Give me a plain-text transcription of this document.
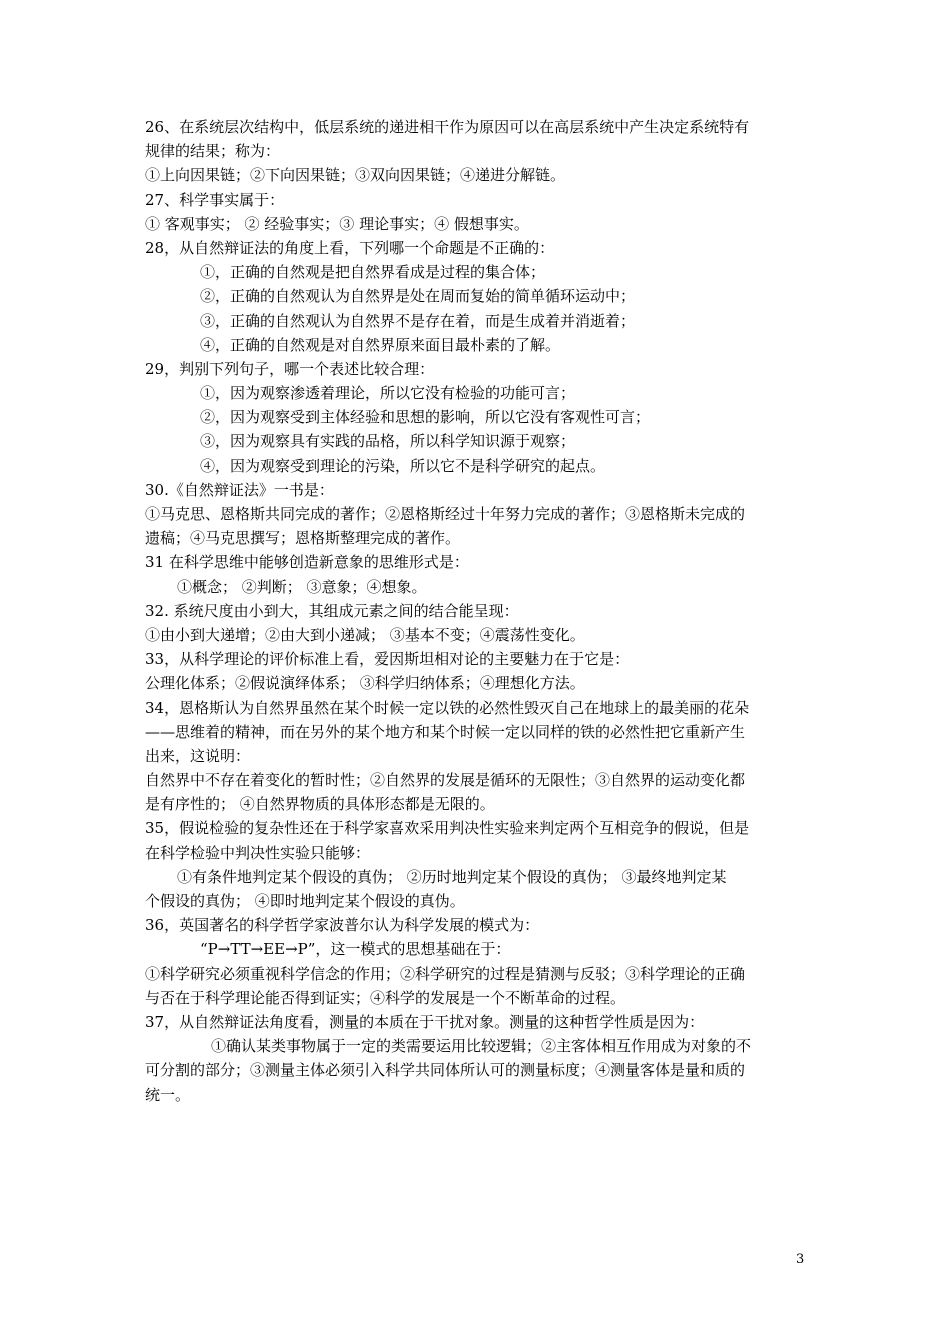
26、在系统层次结构中，低层系统的递进相干作为原因可以在高层系统中产生决定系统特有
规律的结果；称为：
①上向因果链；②下向因果链；③双向因果链；④递进分解链。
27、科学事实属于：
① 客观事实； ② 经验事实；③ 理论事实；④ 假想事实。
28，从自然辩证法的角度上看，下列哪一个命题是不正确的：
①，正确的自然观是把自然界看成是过程的集合体；
②，正确的自然观认为自然界是处在周而复始的简单循环运动中；
③，正确的自然观认为自然界不是存在着，而是生成着并消逝着；
④，正确的自然观是对自然界原来面目最朴素的了解。
29，判别下列句子，哪一个表述比较合理：
①，因为观察渗透着理论，所以它没有检验的功能可言；
②，因为观察受到主体经验和思想的影响，所以它没有客观性可言；
③，因为观察具有实践的品格，所以科学知识源于观察；
④，因为观察受到理论的污染，所以它不是科学研究的起点。
30.《自然辩证法》一书是：
①马克思、恩格斯共同完成的著作；②恩格斯经过十年努力完成的著作；③恩格斯未完成的
遗稿；④马克思撰写；恩格斯整理完成的著作。
31 在科学思维中能够创造新意象的思维形式是：
①概念； ②判断； ③意象；④想象。
32. 系统尺度由小到大，其组成元素之间的结合能呈现：
①由小到大递增；②由大到小递减； ③基本不变；④震荡性变化。
33，从科学理论的评价标准上看，爱因斯坦相对论的主要魅力在于它是：
公理化体系；②假说演绎体系； ③科学归纳体系；④理想化方法。
34，恩格斯认为自然界虽然在某个时候一定以铁的必然性毁灭自己在地球上的最美丽的花朵
——思维着的精神，而在另外的某个地方和某个时候一定以同样的铁的必然性把它重新产生
出来，这说明：
自然界中不存在着变化的暂时性；②自然界的发展是循环的无限性；③自然界的运动变化都
是有序性的； ④自然界物质的具体形态都是无限的。
35，假说检验的复杂性还在于科学家喜欢采用判决性实验来判定两个互相竞争的假说，但是
在科学检验中判决性实验只能够：
①有条件地判定某个假设的真伪； ②历时地判定某个假设的真伪； ③最终地判定某
个假设的真伪； ④即时地判定某个假设的真伪。
36，英国著名的科学哲学家波普尔认为科学发展的模式为：
“P→TT→EE→P”，这一模式的思想基础在于：
①科学研究必须重视科学信念的作用；②科学研究的过程是猜测与反驳；③科学理论的正确
与否在于科学理论能否得到证实；④科学的发展是一个不断革命的过程。
37，从自然辩证法角度看，测量的本质在于干扰对象。测量的这种哲学性质是因为：
①确认某类事物属于一定的类需要运用比较逻辑；②主客体相互作用成为对象的不
可分割的部分；③测量主体必须引入科学共同体所认可的测量标度；④测量客体是量和质的
统一。
3
